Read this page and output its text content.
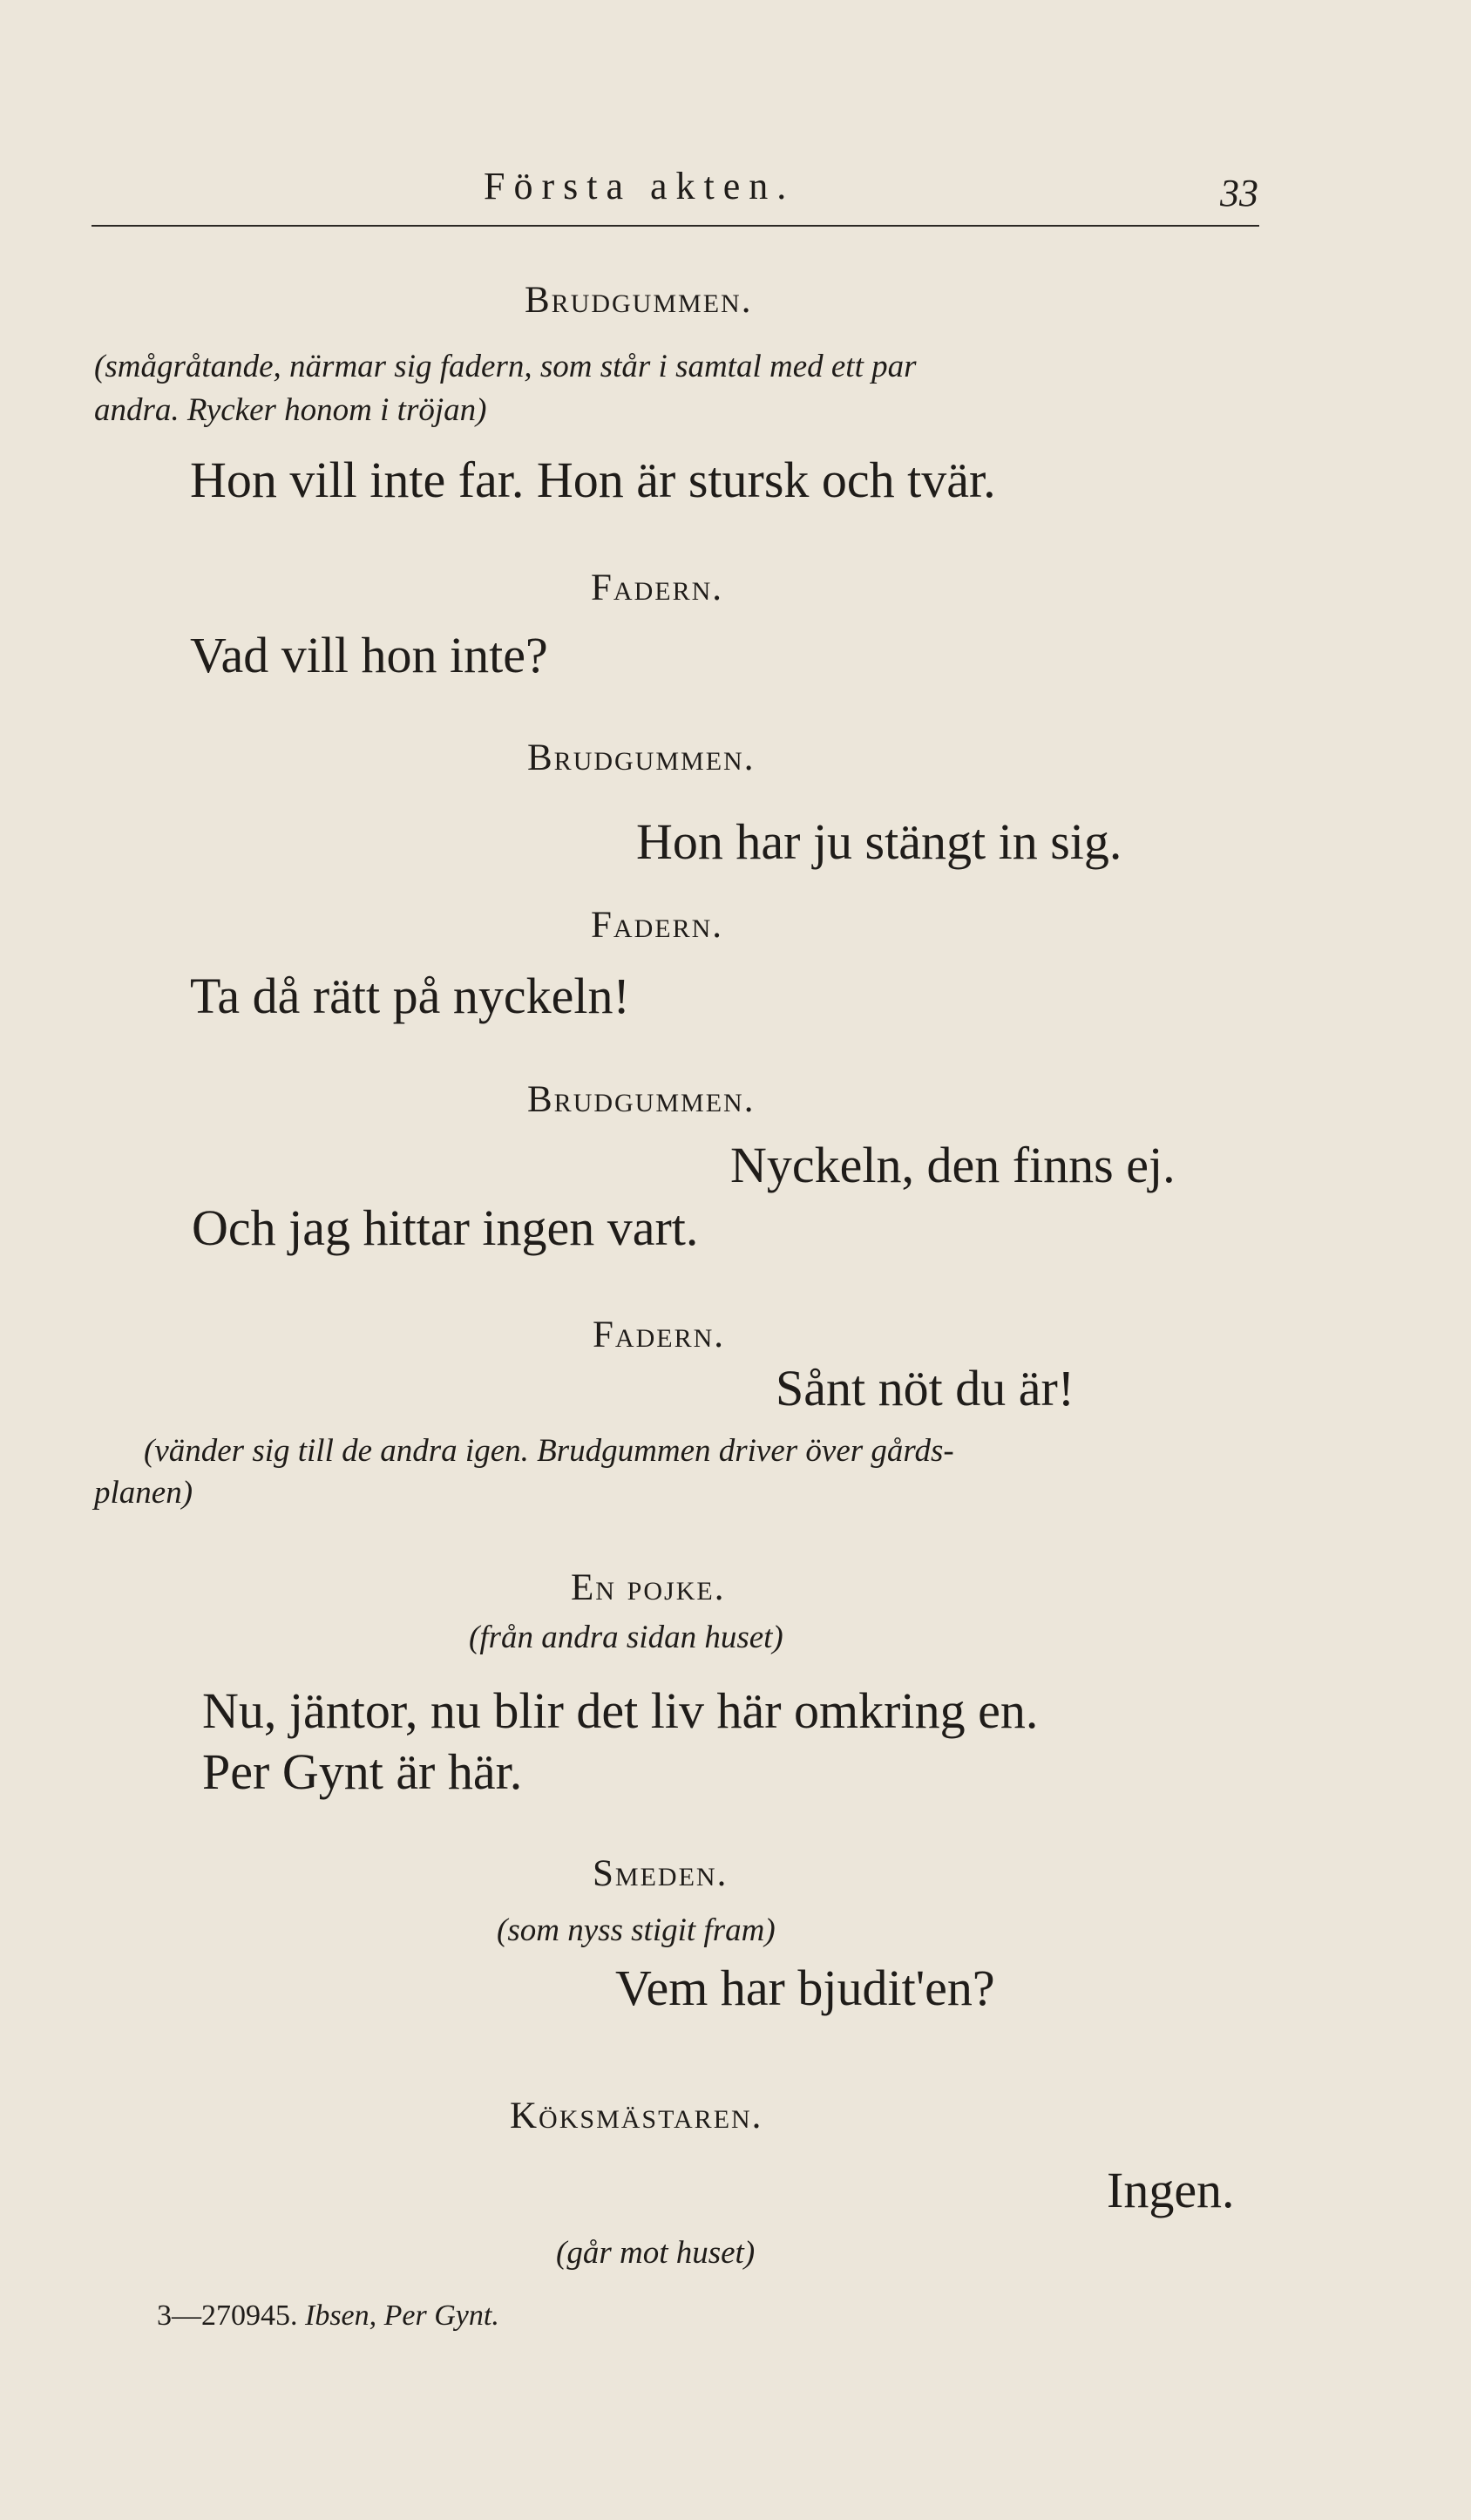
Första akten.	33
Brudgummen.
(smågråtande, närmar sig fadern, som står i samtal med ett par
andra. Rycker honom i tröjan)
Hon vill inte far. Hon är stursk och tvär.
Fadern.
Vad vill hon inte?
Brudgummen.
Hon har ju stängt in sig.
Fadern.
Ta då rätt på nyckeln!
Brudgummen.
Nyckeln, den finns ej.
Och jag hittar ingen vart.
Fadern.
Sånt nöt du är!
(vänder sig till de andra igen. Brudgummen driver över gårds-
planen)
En pojke.
(från andra sidan huset)
Nu, jäntor, nu blir det liv här omkring en.
Per Gynt är här.
Smeden.
(som nyss stigit fram)
Vem har bjudit'en?
Köksmästaren.
Ingen.
(går mot huset)
3—270945. Ibsen, Per Gynt.
